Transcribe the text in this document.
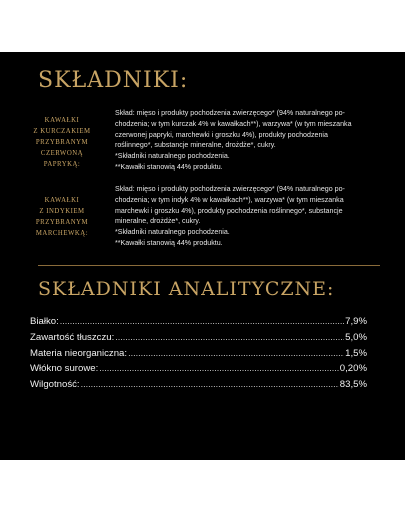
SKŁADNIKI:
KAWAŁKI
Z KURCZAKIEM
PRZYBRANYM
CZERWONĄ
PAPRYKĄ:
Skład: mięso i produkty pochodzenia zwierzęcego* (94% naturalnego po-
chodzenia; w tym kurczak 4% w kawałkach**), warzywa* (w tym mieszanka
czerwonej papryki, marchewki i groszku 4%), produkty pochodzenia
roślinnego*, substancje mineralne, drożdże*, cukry.
*Składniki naturalnego pochodzenia.
**Kawałki stanowią 44% produktu.
KAWAŁKI
Z INDYKIEM
PRZYBRANYM
MARCHEWKĄ:
Skład: mięso i produkty pochodzenia zwierzęcego* (94% naturalnego po-
chodzenia; w tym indyk 4% w kawałkach**), warzywa* (w tym mieszanka
marchewki i groszku 4%), produkty pochodzenia roślinnego*, substancje
mineralne, drożdże*, cukry.
*Składniki naturalnego pochodzenia.
**Kawałki stanowią 44% produktu.
SKŁADNIKI ANALITYCZNE:
Białko: .....	7,9%
Zawartość tłuszczu: .....	5,0%
Materia nieorganiczna: .....	1,5%
Włókno surowe: .....	0,20%
Wilgotność: .....	83,5%
